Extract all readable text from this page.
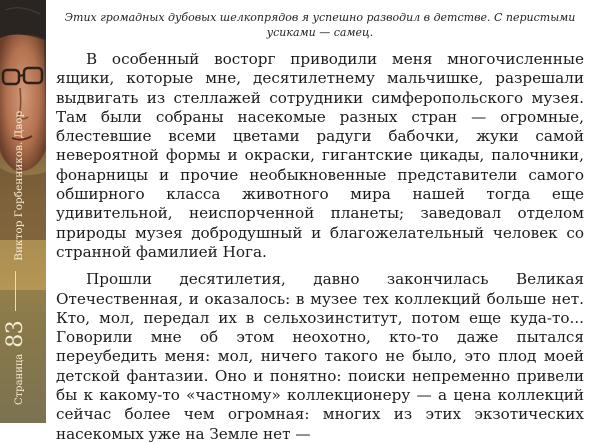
Страница
83
Виктор Горбенников. Двор

Этих громадных дубовых шелкопрядов я успешно разводил в детстве. С перистыми усиками — самец.

В особенный восторг приводили меня многочисленные ящики, которые мне, десятилетнему мальчишке, разрешали выдвигать из стеллажей сотрудники симферопольского музея. Там были собраны насекомые разных стран — огромные, блестевшие всеми цветами радуги бабочки, жуки самой невероятной формы и окраски, гигантские цикады, палочники, фонарницы и прочие необыкновенные представители самого обширного класса животного мира нашей тогда еще удивительной, неиспорченной планеты; заведовал отделом природы музея добродушный и благожелательный человек со странной фамилией Нога.

Прошли десятилетия, давно закончилась Великая Отечественная, и оказалось: в музее тех коллекций больше нет. Кто, мол, передал их в сельхозинститут, потом еще куда-то... Говорили мне об этом неохотно, кто-то даже пытался переубедить меня: мол, ничего такого не было, это плод моей детской фантазии. Оно и понятно: поиски непременно привели бы к какому-то «частному» коллекционеру — а цена коллекций сейчас более чем огромная: многих из этих экзотических насекомых уже на Земле нет —
